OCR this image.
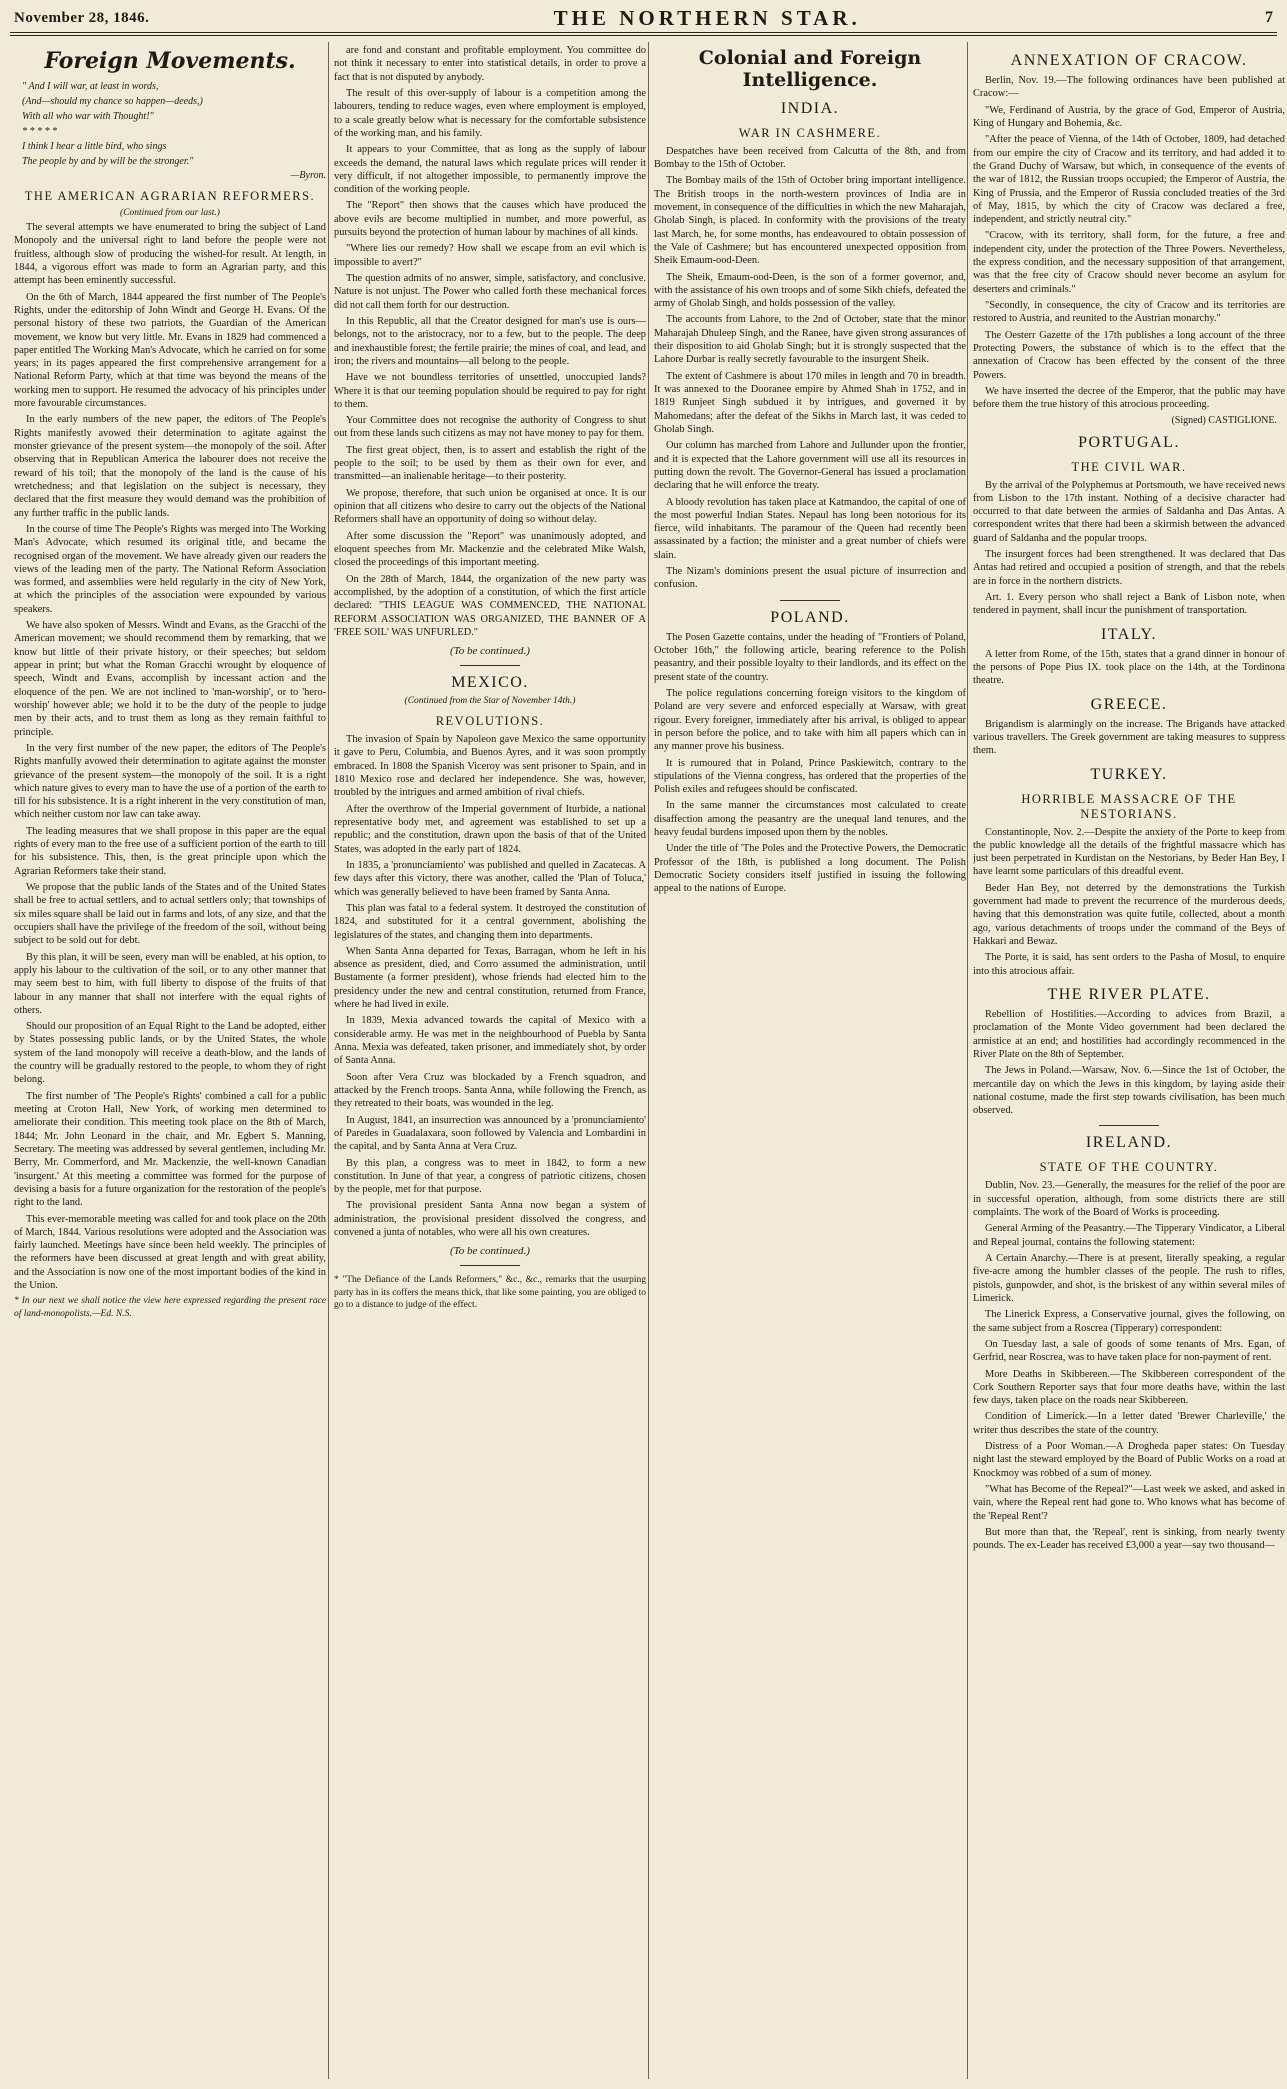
November 28, 1846.	THE NORTHERN STAR.	7
Foreign Movements.
" And I will war, at least in words,
(And—should my chance so happen—deeds,)
With all who war with Thought!"
* * * * *
I think I hear a little bird, who sings
The people by and by will be the stronger."
—Byron.
THE AMERICAN AGRARIAN REFORMERS.
(Continued from our last.)

The several attempts we have enumerated to bring the subject of Land Monopoly and the universal right to land before the people were not fruitless, although slow of producing the wished-for result. At length, in 1844, a vigorous effort was made to form an Agrarian party, and this attempt has been eminently successful.

On the 6th of March, 1844 appeared the first number of The People's Rights, under the editorship of John Windt and George H. Evans. Of the personal history of these two patriots, the Guardian of the American movement, we know but very little. Mr. Evans in 1829 had commenced a paper entitled The Working Man's Advocate, which he carried on for some years; in its pages appeared the first comprehensive arrangement for a National Reform Party, which at that time was beyond the means of the working men to support. He resumed the advocacy of his principles under more favourable circumstances.

In the early numbers of the new paper, the editors of The People's Rights manifestly avowed their determination to agitate against the monster grievance of the present system—the monopoly of the soil. After observing that in Republican America the labourer does not receive the reward of his toil; that the monopoly of the land is the cause of his wretchedness; and that legislation on the subject is necessary, they declared that the first measure they would demand was the prohibition of any further traffic in the public lands.

In the course of time The People's Rights was merged into The Working Man's Advocate, which resumed its original title, and became the recognised organ of the movement. We have already given our readers the views of the leading men of the party. The National Reform Association was formed, and assemblies were held regularly in the city of New York, at which the principles of the association were expounded by various speakers.

We have also spoken of Messrs. Windt and Evans, as the Gracchi of the American movement; we should recommend them by remarking, that we know but little of their private history, or their speeches; but seldom appear in print; but what the Roman Gracchi wrought by eloquence of speech, Windt and Evans, accomplish by incessant action and the eloquence of the pen. We are not inclined to 'man-worship', or to 'hero-worship' however able; we hold it to be the duty of the people to judge men by their acts, and to trust them as long as they remain faithful to principle.

In the very first number of the new paper, the editors of The People's Rights manfully avowed their determination to agitate against the monster grievance of the present system—the monopoly of the soil. It is a right which nature gives to every man to have the use of a portion of the earth to till for his subsistence. It is a right inherent in the very constitution of man, which neither custom nor law can take away.

The leading measures that we shall propose in this paper are the equal rights of every man to the free use of a sufficient portion of the earth to till for his subsistence. This, then, is the great principle upon which the Agrarian Reformers take their stand.

We propose that the public lands of the States and of the United States shall be free to actual settlers, and to actual settlers only; that townships of six miles square shall be laid out in farms and lots, of any size, and that the occupiers shall have the privilege of the freedom of the soil, without being subject to be sold out for debt.

By this plan, it will be seen, every man will be enabled, at his option, to apply his labour to the cultivation of the soil, or to any other manner that may seem best to him, with full liberty to dispose of the fruits of that labour in any manner that shall not interfere with the equal rights of others.

Should our proposition of an Equal Right to the Land be adopted, either by States possessing public lands, or by the United States, the whole system of the land monopoly will receive a death-blow, and the lands of the country will be gradually restored to the people, to whom they of right belong.

The first number of 'The People's Rights' combined a call for a public meeting at Croton Hall, New York, of working men determined to ameliorate their condition. This meeting took place on the 8th of March, 1844; Mr. John Leonard in the chair, and Mr. Egbert S. Manning, Secretary. The meeting was addressed by several gentlemen, including Mr. Berry, Mr. Commerford, and Mr. Mackenzie, the well-known Canadian 'insurgent.' At this meeting a committee was formed for the purpose of devising a basis for a future organization for the restoration of the people's right to the land.

This ever-memorable meeting was called for and took place on the 20th of March, 1844. Various resolutions were adopted and the Association was fairly launched. Meetings have since been held weekly. The principles of the reformers have been discussed at great length and with great ability, and the Association is now one of the most important bodies of the kind in the Union.

* In our next we shall notice the view here expressed regarding the present race of land-monopolists.—Ed. N.S.

are fond and constant and profitable employment. You committee do not think it necessary to enter into statistical details, in order to prove a fact that is not disputed by anybody.

The result of this over-supply of labour is a competition among the labourers, tending to reduce wages, even where employment is employed, to a scale greatly below what is necessary for the comfortable subsistence of the working man, and his family.

It appears to your Committee, that as long as the supply of labour exceeds the demand, the natural laws which regulate prices will render it very difficult, if not altogether impossible, to permanently improve the condition of the working people.

The "Report" then shows that the causes which have produced the above evils are become multiplied in number, and more powerful, as pursuits beyond the protection of human labour by machines of all kinds.

"Where lies our remedy? How shall we escape from an evil which is impossible to avert?"

The question admits of no answer, simple, satisfactory, and conclusive. Nature is not unjust. The Power who called forth these mechanical forces did not call them forth for our destruction.

In this Republic, all that the Creator designed for man's use is ours—belongs, not to the aristocracy, nor to a few, but to the people. The deep and inexhaustible forest; the fertile prairie; the mines of coal, and lead, and iron; the rivers and mountains—all belong to the people.

Have we not boundless territories of unsettled, unoccupied lands? Where it is that our teeming population should be required to pay for right to them.

Your Committee does not recognise the authority of Congress to shut out from these lands such citizens as may not have money to pay for them.

The first great object, then, is to assert and establish the right of the people to the soil; to be used by them as their own for ever, and transmitted—an inalienable heritage—to their posterity.

We propose, therefore, that such union be organised at once. It is our opinion that all citizens who desire to carry out the objects of the National Reformers shall have an opportunity of doing so without delay.

After some discussion the "Report" was unanimously adopted, and eloquent speeches from Mr. Mackenzie and the celebrated Mike Walsh, closed the proceedings of this important meeting.

On the 28th of March, 1844, the organization of the new party was accomplished, by the adoption of a constitution, of which the first article declared: "THIS LEAGUE WAS COMMENCED, THE NATIONAL REFORM ASSOCIATION WAS ORGANIZED, THE BANNER OF A 'FREE SOIL' WAS UNFURLED."

(To be continued.)
MEXICO.
(Continued from the Star of November 14th.)
REVOLUTIONS.

The invasion of Spain by Napoleon gave Mexico the same opportunity it gave to Peru, Columbia, and Buenos Ayres, and it was soon promptly embraced. In 1808 the Spanish Viceroy was sent prisoner to Spain, and in 1810 Mexico rose and declared her independence. She was, however, troubled by the intrigues and armed ambition of rival chiefs.

After the overthrow of the Imperial government of Iturbide, a national representative body met, and agreement was established to set up a republic; and the constitution, drawn upon the basis of that of the United States, was adopted in the early part of 1824.

In 1835, a 'pronunciamiento' was published and quelled in Zacatecas. A few days after this victory, there was another, called the 'Plan of Toluca,' which was generally believed to have been framed by Santa Anna.

This plan was fatal to a federal system. It destroyed the constitution of 1824, and substituted for it a central government, abolishing the legislatures of the states, and changing them into departments.

When Santa Anna departed for Texas, Barragan, whom he left in his absence as president, died, and Corro assumed the administration, until Bustamente (a former president), whose friends had elected him to the presidency under the new and central constitution, returned from France, where he had lived in exile.

In 1839, Mexia advanced towards the capital of Mexico with a considerable army. He was met in the neighbourhood of Puebla by Santa Anna. Mexia was defeated, taken prisoner, and immediately shot, by order of Santa Anna.

Soon after Vera Cruz was blockaded by a French squadron, and attacked by the French troops. Santa Anna, while following the French, as they retreated to their boats, was wounded in the leg.

In August, 1841, an insurrection was announced by a 'pronunciamiento' of Paredes in Guadalaxara, soon followed by Valencia and Lombardini in the capital, and by Santa Anna at Vera Cruz.

By this plan, a congress was to meet in 1842, to form a new constitution. In June of that year, a congress of patriotic citizens, chosen by the people, met for that purpose.

The provisional president Santa Anna now began a system of administration, the provisional president dissolved the congress, and convened a junta of notables, who were all his own creatures.

(To be continued.)

* "The Defiance of the Lands Reformers," &c., &c., remarks that the usurping party has in its coffers the means thick, that like some painting, you are obliged to go to a distance to judge of the effect.

Colonial and Foreign Intelligence.
INDIA.
WAR IN CASHMERE.

Despatches have been received from Calcutta of the 8th, and from Bombay to the 15th of October.

The Bombay mails of the 15th of October bring important intelligence. The British troops in the north-western provinces of India are in movement, in consequence of the difficulties in which the new Maharajah, Gholab Singh, is placed. In conformity with the provisions of the treaty last March, he, for some months, has endeavoured to obtain possession of the Vale of Cashmere; but has encountered unexpected opposition from Sheik Emaum-ood-Deen.

The Sheik, Emaum-ood-Deen, is the son of a former governor, and, with the assistance of his own troops and of some Sikh chiefs, defeated the army of Gholab Singh, and holds possession of the valley.

The accounts from Lahore, to the 2nd of October, state that the minor Maharajah Dhuleep Singh, and the Ranee, have given strong assurances of their disposition to aid Gholab Singh; but it is strongly suspected that the Lahore Durbar is really secretly favourable to the insurgent Sheik.

The extent of Cashmere is about 170 miles in length and 70 in breadth. It was annexed to the Dooranee empire by Ahmed Shah in 1752, and in 1819 Runjeet Singh subdued it by intrigues, and governed it by Mahomedans; after the defeat of the Sikhs in March last, it was ceded to Gholab Singh.

Our column has marched from Lahore and Jullunder upon the frontier, and it is expected that the Lahore government will use all its resources in putting down the revolt. The Governor-General has issued a proclamation declaring that he will enforce the treaty.

A bloody revolution has taken place at Katmandoo, the capital of one of the most powerful Indian States. Nepaul has long been notorious for its fierce, wild inhabitants. The paramour of the Queen had recently been assassinated by a faction; the minister and a great number of chiefs were slain.

The Nizam's dominions present the usual picture of insurrection and confusion.

POLAND.

The Posen Gazette contains, under the heading of "Frontiers of Poland, October 16th," the following article, bearing reference to the Polish peasantry, and their possible loyalty to their landlords, and its effect on the present state of the country.

The police regulations concerning foreign visitors to the kingdom of Poland are very severe and enforced especially at Warsaw, with great rigour. Every foreigner, immediately after his arrival, is obliged to appear in person before the police, and to take with him all papers which can in any manner prove his business.

It is rumoured that in Poland, Prince Paskiewitch, contrary to the stipulations of the Vienna congress, has ordered that the properties of the Polish exiles and refugees should be confiscated.

In the same manner the circumstances most calculated to create disaffection among the peasantry are the unequal land tenures, and the heavy feudal burdens imposed upon them by the nobles.

Under the title of 'The Poles and the Protective Powers, the Democratic Professor of the 18th, is published a long document. The Polish Democratic Society considers itself justified in issuing the following appeal to the nations of Europe.

ANNEXATION OF CRACOW.

Berlin, Nov. 19.—The following ordinances have been published at Cracow:—

"We, Ferdinand of Austria, by the grace of God, Emperor of Austria, King of Hungary and Bohemia, &c.

"After the peace of Vienna, of the 14th of October, 1809, had detached from our empire the city of Cracow and its territory, and had added it to the Grand Duchy of Warsaw, but which, in consequence of the events of the war of 1812, the Russian troops occupied; the Emperor of Austria, the King of Prussia, and the Emperor of Russia concluded treaties of the 3rd of May, 1815, by which the city of Cracow was declared a free, independent, and strictly neutral city."

"Cracow, with its territory, shall form, for the future, a free and independent city, under the protection of the Three Powers. Nevertheless, the express condition, and the necessary supposition of that arrangement, was that the free city of Cracow should never become an asylum for deserters and criminals."

"Secondly, in consequence, the city of Cracow and its territories are restored to Austria, and reunited to the Austrian monarchy."

The Oesterr Gazette of the 17th publishes a long account of the three Protecting Powers, the substance of which is to the effect that the annexation of Cracow has been effected by the consent of the three Powers.

We have inserted the decree of the Emperor, that the public may have before them the true history of this atrocious proceeding.

(Signed) CASTIGLIONE.
PORTUGAL.
THE CIVIL WAR.

By the arrival of the Polyphemus at Portsmouth, we have received news from Lisbon to the 17th instant. Nothing of a decisive character had occurred to that date between the armies of Saldanha and Das Antas. A correspondent writes that there had been a skirmish between the advanced guard of Saldanha and the popular troops.

The insurgent forces had been strengthened. It was declared that Das Antas had retired and occupied a position of strength, and that the rebels are in force in the northern districts.

Art. 1. Every person who shall reject a Bank of Lisbon note, when tendered in payment, shall incur the punishment of transportation.

ITALY.

A letter from Rome, of the 15th, states that a grand dinner in honour of the persons of Pope Pius IX. took place on the 14th, at the Tordinona theatre.

GREECE.

Brigandism is alarmingly on the increase. The Brigands have attacked various travellers. The Greek government are taking measures to suppress them.

TURKEY.
HORRIBLE MASSACRE OF THE NESTORIANS.

Constantinople, Nov. 2.—Despite the anxiety of the Porte to keep from the public knowledge all the details of the frightful massacre which has just been perpetrated in Kurdistan on the Nestorians, by Beder Han Bey, I have learnt some particulars of this dreadful event.

Beder Han Bey, not deterred by the demonstrations the Turkish government had made to prevent the recurrence of the murderous deeds, having that this demonstration was quite futile, collected, about a month ago, various detachments of troops under the command of the Beys of Hakkari and Bewaz.

The Porte, it is said, has sent orders to the Pasha of Mosul, to enquire into this atrocious affair.

THE RIVER PLATE.

Rebellion of Hostilities.—According to advices from Brazil, a proclamation of the Monte Video government had been declared the armistice at an end; and hostilities had accordingly recommenced in the River Plate on the 8th of September.

The Jews in Poland.—Warsaw, Nov. 6.—Since the 1st of October, the mercantile day on which the Jews in this kingdom, by laying aside their national costume, made the first step towards civilisation, has been much observed.

IRELAND.
STATE OF THE COUNTRY.

Dublin, Nov. 23.—Generally, the measures for the relief of the poor are in successful operation, although, from some districts there are still complaints. The work of the Board of Works is proceeding.

General Arming of the Peasantry.—The Tipperary Vindicator, a Liberal and Repeal journal, contains the following statement:

A Certain Anarchy.—There is at present, literally speaking, a regular five-acre among the humbler classes of the people. The rush to rifles, pistols, gunpowder, and shot, is the briskest of any within several miles of Limerick.

The Linerick Express, a Conservative journal, gives the following, on the same subject from a Roscrea (Tipperary) correspondent:

On Tuesday last, a sale of goods of some tenants of Mrs. Egan, of Gerfrid, near Roscrea, was to have taken place for non-payment of rent.

More Deaths in Skibbereen.—The Skibbereen correspondent of the Cork Southern Reporter says that four more deaths have, within the last few days, taken place on the roads near Skibbereen.

Condition of Limerick.—In a letter dated 'Brewer Charleville,' the writer thus describes the state of the country.

Distress of a Poor Woman.—A Drogheda paper states: On Tuesday night last the steward employed by the Board of Public Works on a road at Knockmoy was robbed of a sum of money.

"What has Become of the Repeal?"—Last week we asked, and asked in vain, where the Repeal rent had gone to. Who knows what has become of the 'Repeal Rent'?

But more than that, the 'Repeal', rent is sinking, from nearly twenty pounds. The ex-Leader has received £3,000 a year—say two thousand—
